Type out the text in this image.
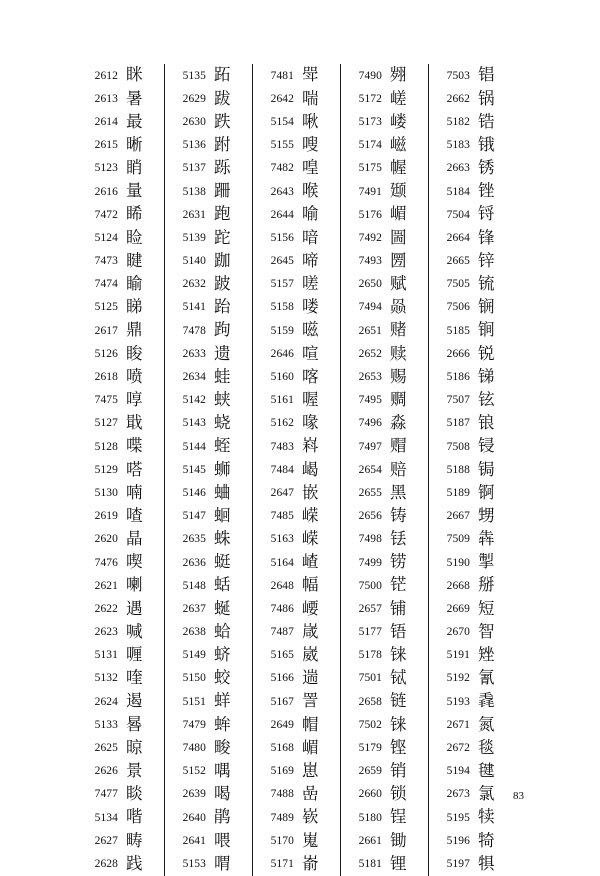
2612 眯
2613 暑
2614 最
2615 晰
5123 睄
2616 量
7472 睎
5124 睑
7473 睷
7474 睮
5125 睇
2617 鼎
5126 睃
2618 喷
7475 啍
5127 戢
5128 喋
5129 嗒
5130 喃
2619 喳
2620 晶
7476 喫
2621 喇
2622 遇
2623 喊
5131 喱
5132 喹
2624 遏
5133 晷
2625 晾
2626 景
7477 睒
5134 喈
2627 畴
2628 践
5135 跖
2629 跋
2630 跌
5136 跗
5137 跞
5138 跚
2631 跑
5139 跎
5140 跏
2632 跛
5141 跆
7478 跔
2633 遗
2634 蛙
5142 蛱
5143 蛲
5144 蛭
5145 蛳
5146 蛐
5147 蛔
2635 蛛
2636 蜓
5148 蛞
2637 蜒
2638 蛤
5149 蛴
5150 蛟
5151 蛘
7479 蛑
7480 畯
5152 喁
2639 喝
2640 鹃
2641 喂
5153 喟
7481 斝
2642 喘
5154 啾
5155 嗖
7482 喤
2643 喉
2644 喻
5156 喑
2645 啼
5157 嗟
5158 喽
5159 嗞
2646 喧
5160 喀
5161 喔
5162 喙
7483 嵙
7484 嵑
2647 嵌
7485 嵘
5163 嵘
5164 嵖
2648 幅
7486 崾
7487 嵅
5165 崴
5166 遄
5167 詈
2649 帽
5168 嵋
5169 崽
7488 嵒
7489 嵚
5170 嵬
5171 嵛
7490 翙
5172 嵯
5173 嵝
5174 嵫
5175 幄
7491 颋
5176 嵋
7492 圌
7493 圐
2650 赋
7494 赑
2651 赌
2652 赎
2653 赐
7495 赒
7496 淼
7497 赗
2654 赔
2655 黑
2656 铸
7498 铥
7499 铹
7500 铓
2657 铺
5177 铻
5178 铼
7501 铽
2658 链
7502 铼
5179 铿
2659 销
2660 锁
5180 锃
2661 锄
5181 锂
7503 锠
2662 锅
5182 锆
5183 锇
2663 锈
5184 锉
7504 锊
2664 锋
2665 锌
7505 锍
7506 锎
5185 锏
2666 锐
5186 锑
7507 铉
5187 锒
7508 锓
5188 锔
5189 锕
2667 甥
7509 犇
5190 掣
2668 掰
2669 短
2670 智
5191 矬
5192 氰
5193 毳
2671 氮
2672 毯
5194 毽
2673 氯
5195 犊
5196 犄
5197 犋
83
